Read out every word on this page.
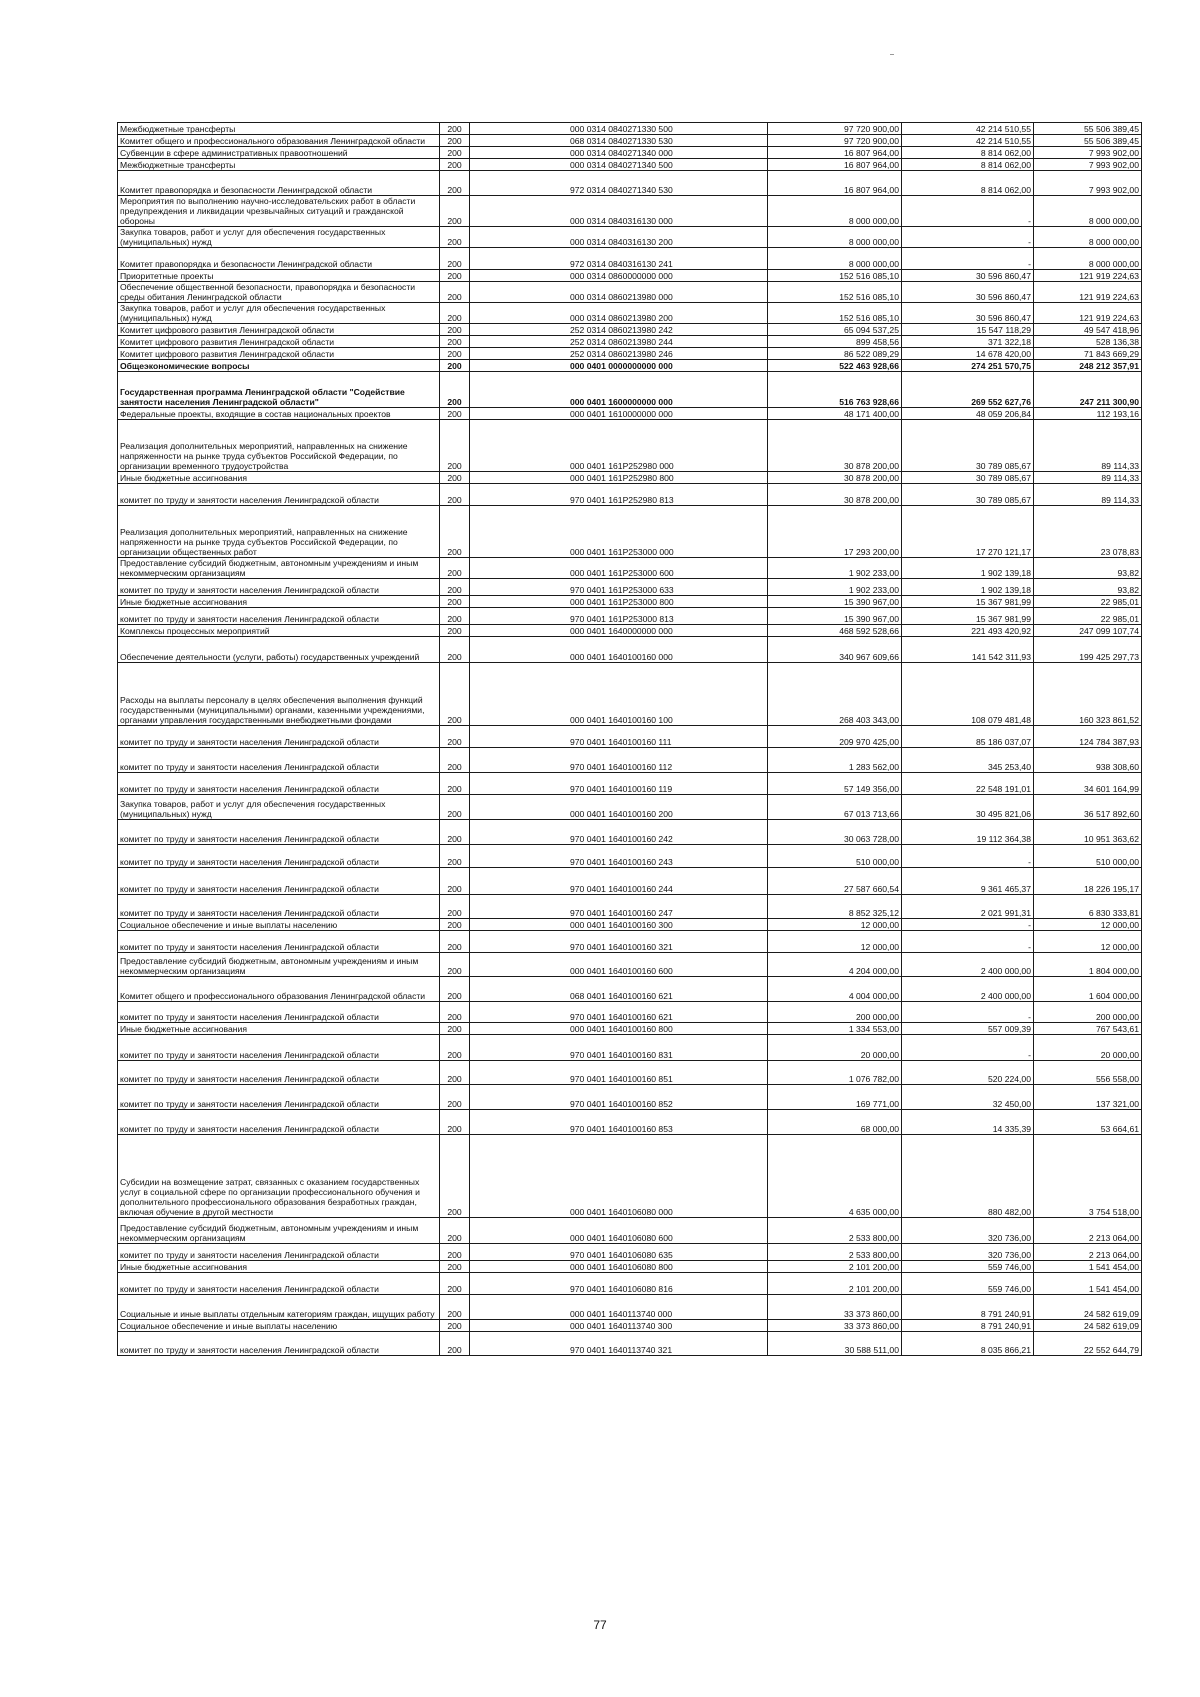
Межбюджетные трансферты	200	000 0314 0840271330 500	97 720 900,00	42 214 510,55	55 506 389,45
Комитет общего и профессионального образования Ленинградской области	200	068 0314 0840271330 530	97 720 900,00	42 214 510,55	55 506 389,45
Субвенции в сфере административных правоотношений	200	000 0314 0840271340 000	16 807 964,00	8 814 062,00	7 993 902,00
Межбюджетные трансферты	200	000 0314 0840271340 500	16 807 964,00	8 814 062,00	7 993 902,00
Комитет правопорядка и безопасности Ленинградской области	200	972 0314 0840271340 530	16 807 964,00	8 814 062,00	7 993 902,00
Мероприятия по выполнению научно-исследовательских работ в области предупреждения и ликвидации чрезвычайных ситуаций и гражданской обороны	200	000 0314 0840316130 000	8 000 000,00	-	8 000 000,00
Закупка товаров, работ и услуг для обеспечения государственных (муниципальных) нужд	200	000 0314 0840316130 200	8 000 000,00	-	8 000 000,00
Комитет правопорядка и безопасности Ленинградской области	200	972 0314 0840316130 241	8 000 000,00	-	8 000 000,00
Приоритетные проекты	200	000 0314 0860000000 000	152 516 085,10	30 596 860,47	121 919 224,63
Обеспечение общественной безопасности, правопорядка и безопасности среды обитания Ленинградской области	200	000 0314 0860213980 000	152 516 085,10	30 596 860,47	121 919 224,63
Закупка товаров, работ и услуг для обеспечения государственных (муниципальных) нужд	200	000 0314 0860213980 200	152 516 085,10	30 596 860,47	121 919 224,63
Комитет цифрового развития Ленинградской области	200	252 0314 0860213980 242	65 094 537,25	15 547 118,29	49 547 418,96
Комитет цифрового развития Ленинградской области	200	252 0314 0860213980 244	899 458,56	371 322,18	528 136,38
Комитет цифрового развития Ленинградской области	200	252 0314 0860213980 246	86 522 089,29	14 678 420,00	71 843 669,29
Общеэкономические вопросы	200	000 0401 0000000000 000	522 463 928,66	274 251 570,75	248 212 357,91
Государственная программа Ленинградской области "Содействие занятости населения Ленинградской области"	200	000 0401 1600000000 000	516 763 928,66	269 552 627,76	247 211 300,90
Федеральные проекты, входящие в состав национальных проектов	200	000 0401 1610000000 000	48 171 400,00	48 059 206,84	112 193,16
Реализация дополнительных мероприятий, направленных на снижение напряженности на рынке труда субъектов Российской Федерации, по организации временного трудоустройства	200	000 0401 161P252980 000	30 878 200,00	30 789 085,67	89 114,33
Иные бюджетные ассигнования	200	000 0401 161P252980 800	30 878 200,00	30 789 085,67	89 114,33
комитет по труду и занятости населения Ленинградской области	200	970 0401 161P252980 813	30 878 200,00	30 789 085,67	89 114,33
Реализация дополнительных мероприятий, направленных на снижение напряженности на рынке труда субъектов Российской Федерации, по организации общественных работ	200	000 0401 161P253000 000	17 293 200,00	17 270 121,17	23 078,83
Предоставление субсидий бюджетным, автономным учреждениям и иным некоммерческим организациям	200	000 0401 161P253000 600	1 902 233,00	1 902 139,18	93,82
комитет по труду и занятости населения Ленинградской области	200	970 0401 161P253000 633	1 902 233,00	1 902 139,18	93,82
Иные бюджетные ассигнования	200	000 0401 161P253000 800	15 390 967,00	15 367 981,99	22 985,01
комитет по труду и занятости населения Ленинградской области	200	970 0401 161P253000 813	15 390 967,00	15 367 981,99	22 985,01
Комплексы процессных мероприятий	200	000 0401 1640000000 000	468 592 528,66	221 493 420,92	247 099 107,74
Обеспечение деятельности (услуги, работы) государственных учреждений	200	000 0401 1640100160 000	340 967 609,66	141 542 311,93	199 425 297,73
Расходы на выплаты персоналу в целях обеспечения выполнения функций государственными (муниципальными) органами, казенными учреждениями, органами управления государственными внебюджетными фондами	200	000 0401 1640100160 100	268 403 343,00	108 079 481,48	160 323 861,52
комитет по труду и занятости населения Ленинградской области	200	970 0401 1640100160 111	209 970 425,00	85 186 037,07	124 784 387,93
комитет по труду и занятости населения Ленинградской области	200	970 0401 1640100160 112	1 283 562,00	345 253,40	938 308,60
комитет по труду и занятости населения Ленинградской области	200	970 0401 1640100160 119	57 149 356,00	22 548 191,01	34 601 164,99
Закупка товаров, работ и услуг для обеспечения государственных (муниципальных) нужд	200	000 0401 1640100160 200	67 013 713,66	30 495 821,06	36 517 892,60
комитет по труду и занятости населения Ленинградской области	200	970 0401 1640100160 242	30 063 728,00	19 112 364,38	10 951 363,62
комитет по труду и занятости населения Ленинградской области	200	970 0401 1640100160 243	510 000,00	-	510 000,00
комитет по труду и занятости населения Ленинградской области	200	970 0401 1640100160 244	27 587 660,54	9 361 465,37	18 226 195,17
комитет по труду и занятости населения Ленинградской области	200	970 0401 1640100160 247	8 852 325,12	2 021 991,31	6 830 333,81
Социальное обеспечение и иные выплаты населению	200	000 0401 1640100160 300	12 000,00	-	12 000,00
комитет по труду и занятости населения Ленинградской области	200	970 0401 1640100160 321	12 000,00	-	12 000,00
Предоставление субсидий бюджетным, автономным учреждениям и иным некоммерческим организациям	200	000 0401 1640100160 600	4 204 000,00	2 400 000,00	1 804 000,00
Комитет общего и профессионального образования Ленинградской области	200	068 0401 1640100160 621	4 004 000,00	2 400 000,00	1 604 000,00
комитет по труду и занятости населения Ленинградской области	200	970 0401 1640100160 621	200 000,00	-	200 000,00
Иные бюджетные ассигнования	200	000 0401 1640100160 800	1 334 553,00	557 009,39	767 543,61
комитет по труду и занятости населения Ленинградской области	200	970 0401 1640100160 831	20 000,00	-	20 000,00
комитет по труду и занятости населения Ленинградской области	200	970 0401 1640100160 851	1 076 782,00	520 224,00	556 558,00
комитет по труду и занятости населения Ленинградской области	200	970 0401 1640100160 852	169 771,00	32 450,00	137 321,00
комитет по труду и занятости населения Ленинградской области	200	970 0401 1640100160 853	68 000,00	14 335,39	53 664,61
Субсидии на возмещение затрат, связанных с оказанием государственных услуг в социальной сфере по организации профессионального обучения и дополнительного профессионального образования безработных граждан, включая обучение в другой местности	200	000 0401 1640106080 000	4 635 000,00	880 482,00	3 754 518,00
Предоставление субсидий бюджетным, автономным учреждениям и иным некоммерческим организациям	200	000 0401 1640106080 600	2 533 800,00	320 736,00	2 213 064,00
комитет по труду и занятости населения Ленинградской области	200	970 0401 1640106080 635	2 533 800,00	320 736,00	2 213 064,00
Иные бюджетные ассигнования	200	000 0401 1640106080 800	2 101 200,00	559 746,00	1 541 454,00
комитет по труду и занятости населения Ленинградской области	200	970 0401 1640106080 816	2 101 200,00	559 746,00	1 541 454,00
Социальные и иные выплаты отдельным категориям граждан, ищущих работу	200	000 0401 1640113740 000	33 373 860,00	8 791 240,91	24 582 619,09
Социальное обеспечение и иные выплаты населению	200	000 0401 1640113740 300	33 373 860,00	8 791 240,91	24 582 619,09
комитет по труду и занятости населения Ленинградской области	200	970 0401 1640113740 321	30 588 511,00	8 035 866,21	22 552 644,79
77
